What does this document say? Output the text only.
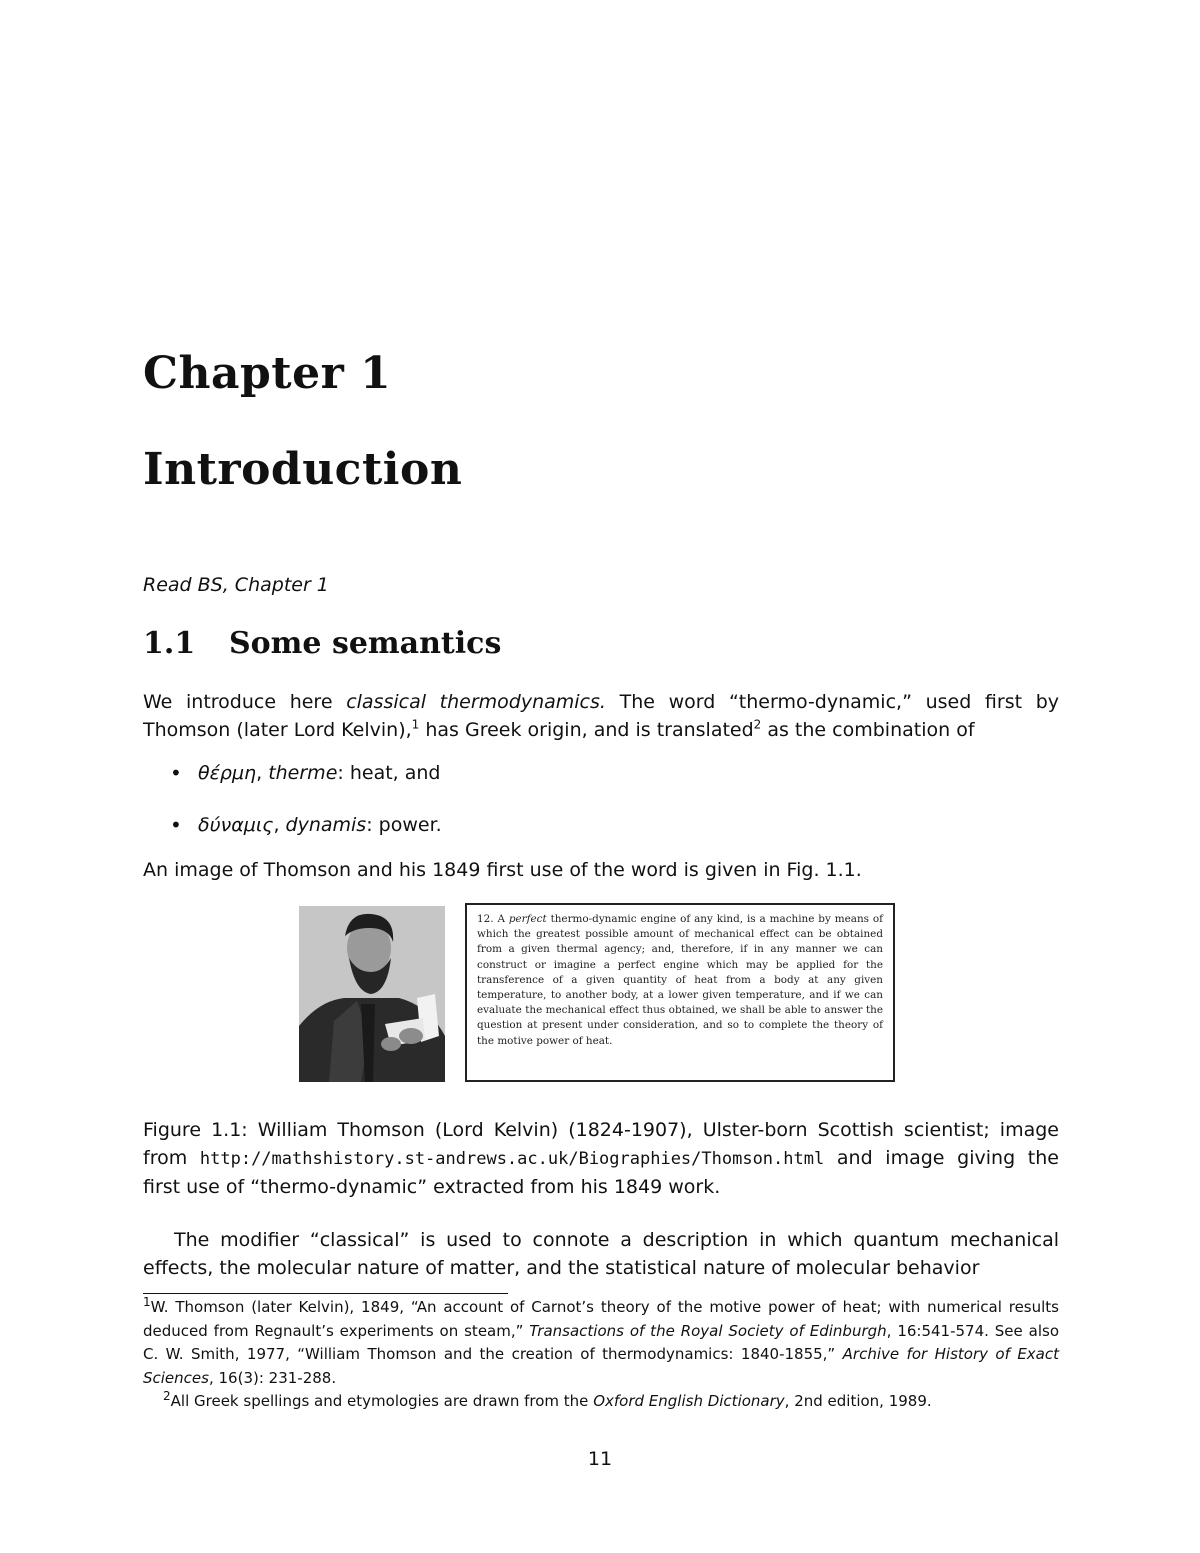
Chapter 1
Introduction
Read BS, Chapter 1
1.1 Some semantics
We introduce here classical thermodynamics. The word “thermo-dynamic,” used first by Thomson (later Lord Kelvin),$^1$ has Greek origin, and is translated$^2$ as the combination of
• θέρμη, therme: heat, and
• δύναμις, dynamis: power.
An image of Thomson and his 1849 first use of the word is given in Fig. 1.1.
12. A perfect thermo-dynamic engine of any kind, is a machine by means of which the greatest possible amount of mechanical effect can be obtained from a given thermal agency; and, therefore, if in any manner we can construct or imagine a perfect engine which may be applied for the transference of a given quantity of heat from a body at any given temperature, to another body, at a lower given temperature, and if we can evaluate the mechanical effect thus obtained, we shall be able to answer the question at present under consideration, and so to complete the theory of the motive power of heat.
Figure 1.1: William Thomson (Lord Kelvin) (1824-1907), Ulster-born Scottish scientist; image from http://mathshistory.st-andrews.ac.uk/Biographies/Thomson.html and image giving the first use of “thermo-dynamic” extracted from his 1849 work.
The modifier “classical” is used to connote a description in which quantum mechanical effects, the molecular nature of matter, and the statistical nature of molecular behavior

$^1$W. Thomson (later Kelvin), 1849, “An account of Carnot’s theory of the motive power of heat; with numerical results deduced from Regnault’s experiments on steam,” Transactions of the Royal Society of Edinburgh, 16:541-574. See also C. W. Smith, 1977, “William Thomson and the creation of thermodynamics: 1840-1855,” Archive for History of Exact Sciences, 16(3): 231-288.

$^2$All Greek spellings and etymologies are drawn from the Oxford English Dictionary, 2nd edition, 1989.

11
